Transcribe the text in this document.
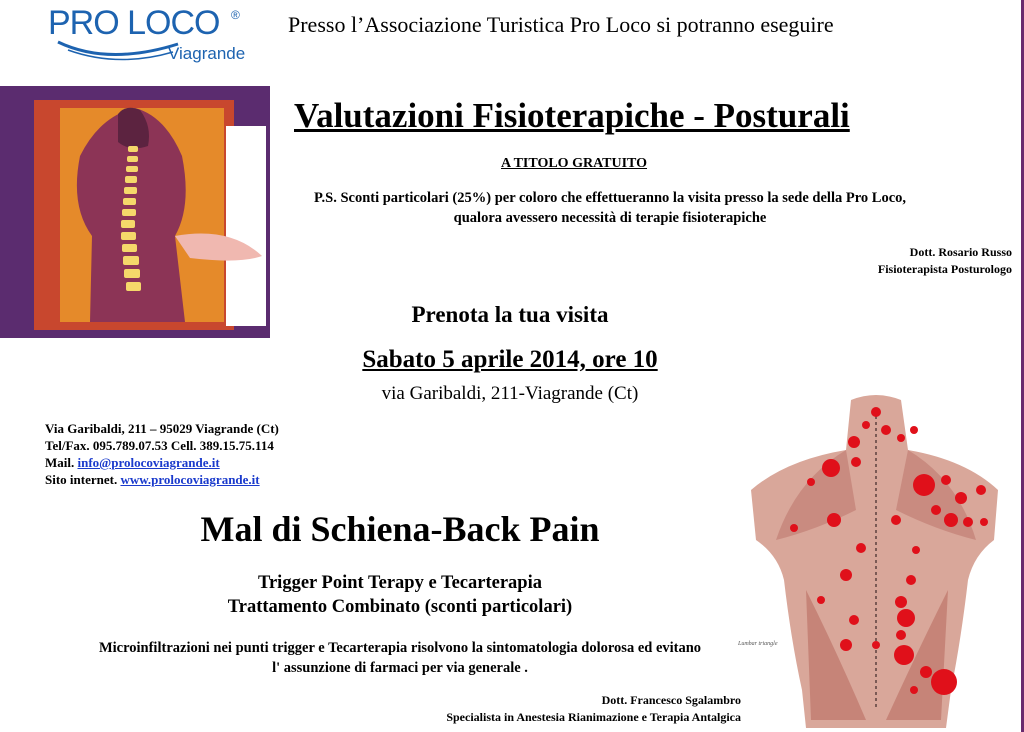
PRO LOCO ®
Viagrande
Presso l’Associazione Turistica Pro Loco si potranno eseguire
Valutazioni Fisioterapiche - Posturali
A TITOLO GRATUITO
P.S. Sconti particolari (25%) per coloro che effettueranno la visita presso la sede della Pro Loco,
qualora avessero necessità di terapie fisioterapiche
Dott. Rosario Russo
Fisioterapista Posturologo
Prenota la tua visita
Sabato 5 aprile 2014, ore 10
via Garibaldi, 211-Viagrande (Ct)
Via Garibaldi, 211 – 95029 Viagrande (Ct)
Tel/Fax. 095.789.07.53 Cell. 389.15.75.114
Mail. info@prolocoviagrande.it
Sito internet. www.prolocoviagrande.it
Mal di Schiena-Back Pain
Trigger Point Terapy e Tecarterapia
Trattamento Combinato (sconti particolari)
Microinfiltrazioni nei punti trigger e Tecarterapia risolvono la sintomatologia dolorosa ed evitano
l' assunzione di farmaci per via generale .
Dott. Francesco Sgalambro
Specialista in Anestesia Rianimazione e Terapia Antalgica
Lumbar triangle
